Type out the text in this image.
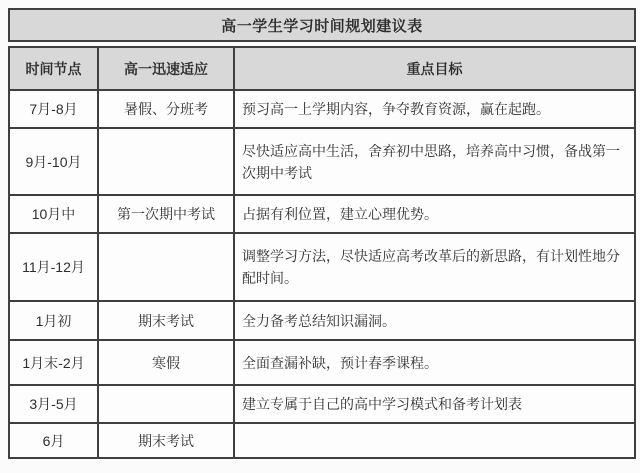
高一学生学习时间规划建议表
时间节点	高一迅速适应	重点目标
7月-8月	暑假、分班考	预习高一上学期内容，争夺教育资源，赢在起跑。
9月-10月		尽快适应高中生活，舍弃初中思路，培养高中习惯，备战第一次期中考试
10月中	第一次期中考试	占据有利位置，建立心理优势。
11月-12月		调整学习方法，尽快适应高考改革后的新思路，有计划性地分配时间。
1月初	期末考试	全力备考总结知识漏洞。
1月末-2月	寒假	全面查漏补缺，预计春季课程。
3月-5月		建立专属于自己的高中学习模式和备考计划表
6月	期末考试	
